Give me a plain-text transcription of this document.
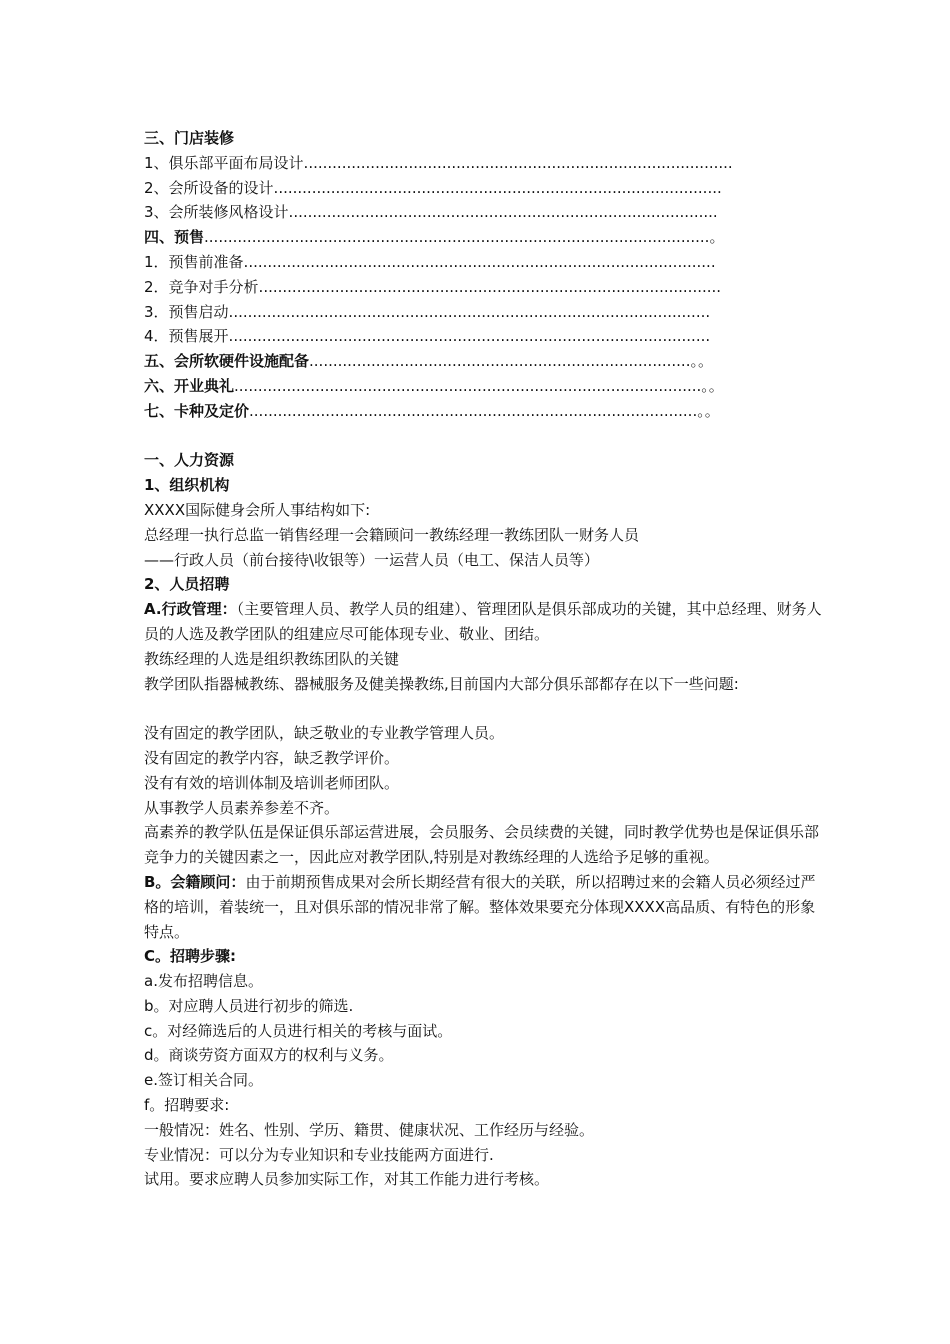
三、门店装修
1、俱乐部平面布局设计 ..........................................................................................
2、会所设备的设计 ..............................................................................................
3、会所装修风格设计 ..........................................................................................
四、预售 .......................................................................................................... 。
1．预售前准备 ...................................................................................................
2．竞争对手分析 .................................................................................................
3．预售启动 .....................................................................................................
4．预售展开 .....................................................................................................
五、会所软硬件设施配备 ................................................................................ 。。
六、开业典礼 .................................................................................................. 。。
七、卡种及定价 .............................................................................................. 。。
一、人力资源
1、组织机构
XXXX国际健身会所人事结构如下:
总经理一执行总监一销售经理一会籍顾问一教练经理一教练团队一财务人员
——行政人员（前台接待\收银等）一运营人员（电工、保洁人员等）
2、人员招聘
A.行政管理：（主要管理人员、教学人员的组建）、管理团队是俱乐部成功的关键，其中总经理、财务人员的人选及教学团队的组建应尽可能体现专业、敬业、团结。
教练经理的人选是组织教练团队的关键
教学团队指器械教练、器械服务及健美操教练,目前国内大部分俱乐部都存在以下一些问题:
没有固定的教学团队，缺乏敬业的专业教学管理人员。
没有固定的教学内容，缺乏教学评价。
没有有效的培训体制及培训老师团队。
从事教学人员素养参差不齐。
高素养的教学队伍是保证俱乐部运营进展，会员服务、会员续费的关键，同时教学优势也是保证俱乐部竞争力的关键因素之一，因此应对教学团队,特别是对教练经理的人选给予足够的重视。
B。会籍顾问：由于前期预售成果对会所长期经营有很大的关联，所以招聘过来的会籍人员必须经过严格的培训，着装统一，且对俱乐部的情况非常了解。整体效果要充分体现XXXX高品质、有特色的形象特点。
C。招聘步骤:
a.发布招聘信息。
b。对应聘人员进行初步的筛选.
c。对经筛选后的人员进行相关的考核与面试。
d。商谈劳资方面双方的权利与义务。
e.签订相关合同。
f。招聘要求:
一般情况：姓名、性别、学历、籍贯、健康状况、工作经历与经验。
专业情况：可以分为专业知识和专业技能两方面进行.
试用。要求应聘人员参加实际工作，对其工作能力进行考核。
